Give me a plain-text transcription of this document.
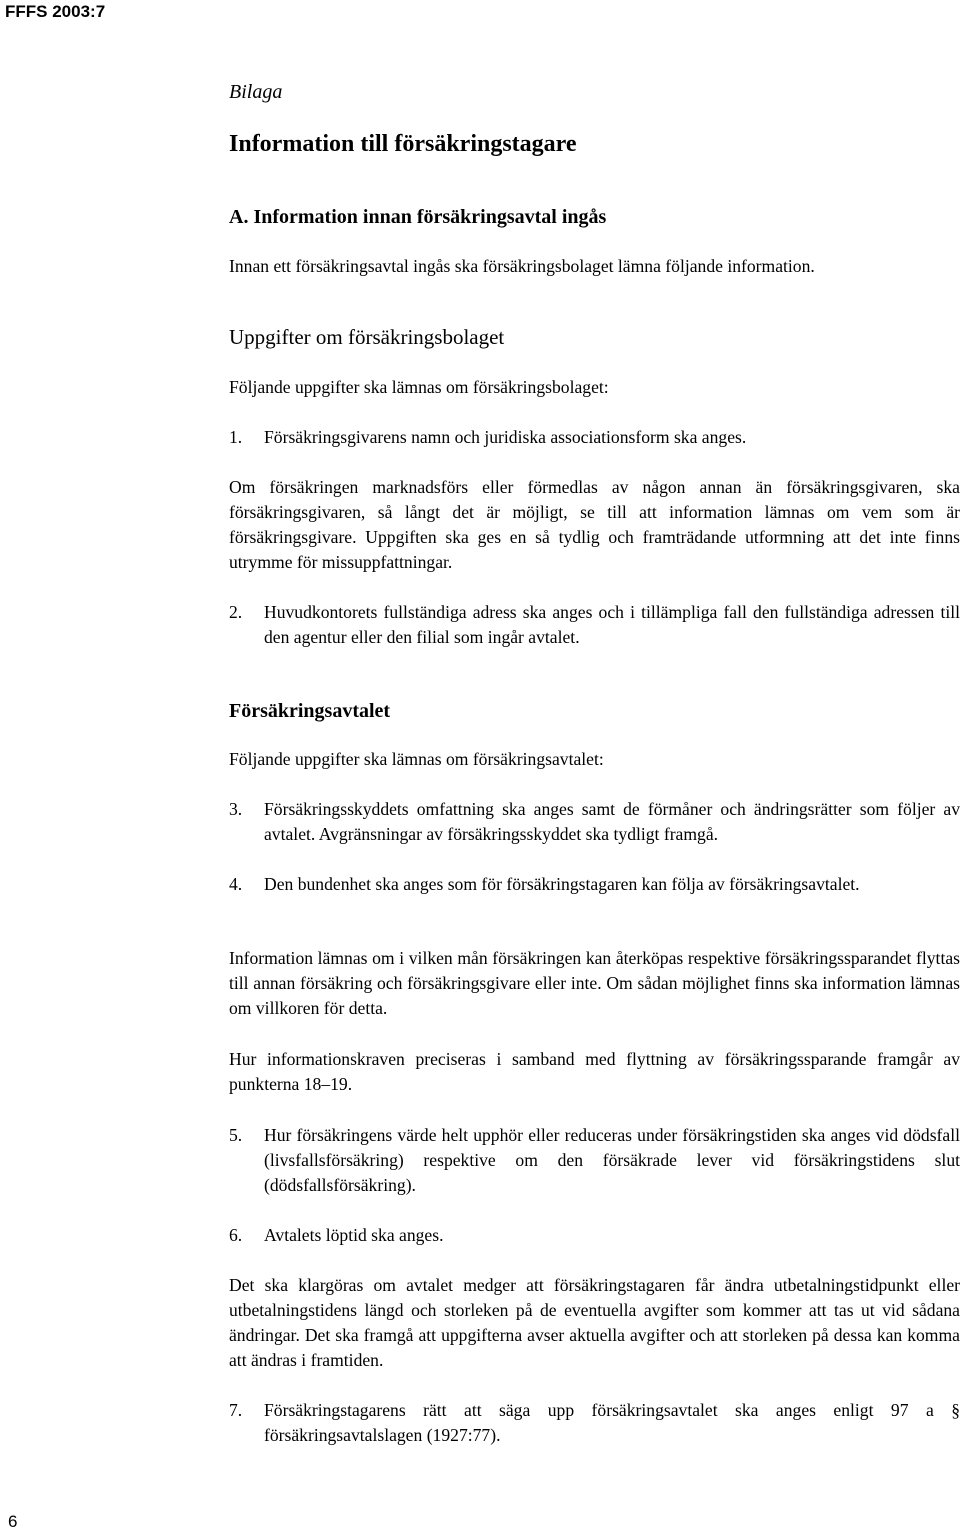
FFFS 2003:7
Bilaga
Information till försäkringstagare
A. Information innan försäkringsavtal ingås
Innan ett försäkringsavtal ingås ska försäkringsbolaget lämna följande information.
Uppgifter om försäkringsbolaget
Följande uppgifter ska lämnas om försäkringsbolaget:
1.	Försäkringsgivarens namn och juridiska associationsform ska anges.
Om försäkringen marknadsförs eller förmedlas av någon annan än försäkringsgivaren, ska försäkringsgivaren, så långt det är möjligt, se till att information lämnas om vem som är försäkringsgivare. Uppgiften ska ges en så tydlig och framträdande utformning att det inte finns utrymme för missuppfattningar.
2.	Huvudkontorets fullständiga adress ska anges och i tillämpliga fall den fullständiga adressen till den agentur eller den filial som ingår avtalet.
Försäkringsavtalet
Följande uppgifter ska lämnas om försäkringsavtalet:
3.	Försäkringsskyddets omfattning ska anges samt de förmåner och ändringsrätter som följer av avtalet. Avgränsningar av försäkringsskyddet ska tydligt framgå.
4.	Den bundenhet ska anges som för försäkringstagaren kan följa av försäkringsavtalet.
Information lämnas om i vilken mån försäkringen kan återköpas respektive försäkringssparandet flyttas till annan försäkring och försäkringsgivare eller inte. Om sådan möjlighet finns ska information lämnas om villkoren för detta.
Hur informationskraven preciseras i samband med flyttning av försäkringssparande framgår av punkterna 18–19.
5.	Hur försäkringens värde helt upphör eller reduceras under försäkringstiden ska anges vid dödsfall (livsfallsförsäkring) respektive om den försäkrade lever vid försäkringstidens slut (dödsfallsförsäkring).
6.	Avtalets löptid ska anges.
Det ska klargöras om avtalet medger att försäkringstagaren får ändra utbetalningstidpunkt eller utbetalningstidens längd och storleken på de eventuella avgifter som kommer att tas ut vid sådana ändringar. Det ska framgå att uppgifterna avser aktuella avgifter och att storleken på dessa kan komma att ändras i framtiden.
7.	Försäkringstagarens rätt att säga upp försäkringsavtalet ska anges enligt 97 a § försäkringsavtalslagen (1927:77).
6
